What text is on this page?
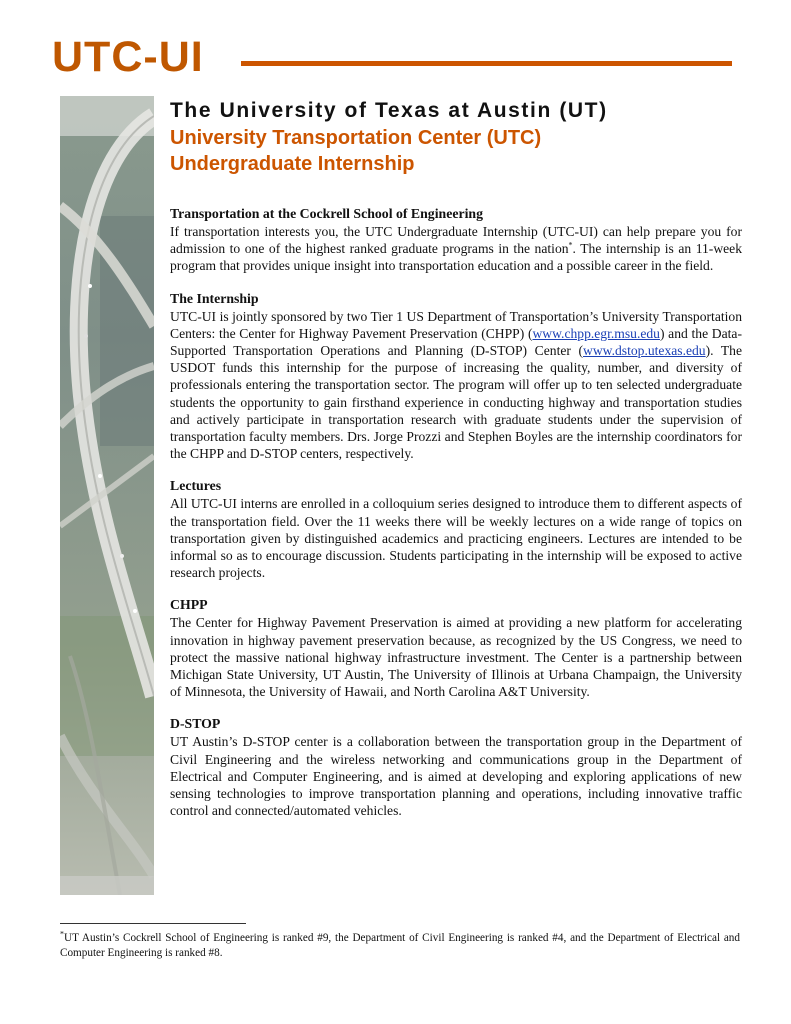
UTC-UI
The University of Texas at Austin (UT)
University Transportation Center (UTC)
Undergraduate Internship
Transportation at the Cockrell School of Engineering

If transportation interests you, the UTC Undergraduate Internship (UTC-UI) can help prepare you for admission to one of the highest ranked graduate programs in the nation*. The internship is an 11-week program that provides unique insight into transportation education and a possible career in the field.

The Internship

UTC-UI is jointly sponsored by two Tier 1 US Department of Transportation’s University Transportation Centers: the Center for Highway Pavement Preservation (CHPP) (www.chpp.egr.msu.edu) and the Data-Supported Transportation Operations and Planning (D-STOP) Center (www.dstop.utexas.edu). The USDOT funds this internship for the purpose of increasing the quality, number, and diversity of professionals entering the transportation sector. The program will offer up to ten selected undergraduate students the opportunity to gain firsthand experience in conducting highway and transportation studies and actively participate in transportation research with graduate students under the supervision of transportation faculty members. Drs. Jorge Prozzi and Stephen Boyles are the internship coordinators for the CHPP and D-STOP centers, respectively.

Lectures

All UTC-UI interns are enrolled in a colloquium series designed to introduce them to different aspects of the transportation field. Over the 11 weeks there will be weekly lectures on a wide range of topics on transportation given by distinguished academics and practicing engineers. Lectures are intended to be informal so as to encourage discussion. Students participating in the internship will be exposed to active research projects.

CHPP

The Center for Highway Pavement Preservation is aimed at providing a new platform for accelerating innovation in highway pavement preservation because, as recognized by the US Congress, we need to protect the massive national highway infrastructure investment. The Center is a partnership between Michigan State University, UT Austin, The University of Illinois at Urbana Champaign, the University of Minnesota, the University of Hawaii, and North Carolina A&T University.

D-STOP

UT Austin’s D-STOP center is a collaboration between the transportation group in the Department of Civil Engineering and the wireless networking and communications group in the Department of Electrical and Computer Engineering, and is aimed at developing and exploring applications of new sensing technologies to improve transportation planning and operations, including innovative traffic control and connected/automated vehicles.

*UT Austin’s Cockrell School of Engineering is ranked #9, the Department of Civil Engineering is ranked #4, and the Department of Electrical and Computer Engineering is ranked #8.
